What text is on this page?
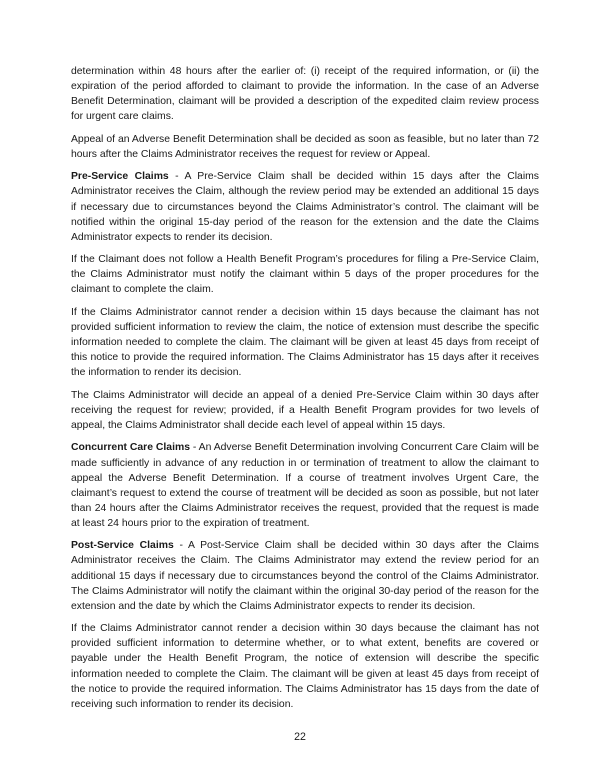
determination within 48 hours after the earlier of: (i) receipt of the required information, or (ii) the expiration of the period afforded to claimant to provide the information. In the case of an Adverse Benefit Determination, claimant will be provided a description of the expedited claim review process for urgent care claims.

Appeal of an Adverse Benefit Determination shall be decided as soon as feasible, but no later than 72 hours after the Claims Administrator receives the request for review or Appeal.

Pre-Service Claims - A Pre-Service Claim shall be decided within 15 days after the Claims Administrator receives the Claim, although the review period may be extended an additional 15 days if necessary due to circumstances beyond the Claims Administrator’s control. The claimant will be notified within the original 15-day period of the reason for the extension and the date the Claims Administrator expects to render its decision.

If the Claimant does not follow a Health Benefit Program’s procedures for filing a Pre-Service Claim, the Claims Administrator must notify the claimant within 5 days of the proper procedures for the claimant to complete the claim.

If the Claims Administrator cannot render a decision within 15 days because the claimant has not provided sufficient information to review the claim, the notice of extension must describe the specific information needed to complete the claim. The claimant will be given at least 45 days from receipt of this notice to provide the required information. The Claims Administrator has 15 days after it receives the information to render its decision.

The Claims Administrator will decide an appeal of a denied Pre-Service Claim within 30 days after receiving the request for review; provided, if a Health Benefit Program provides for two levels of appeal, the Claims Administrator shall decide each level of appeal within 15 days.

Concurrent Care Claims - An Adverse Benefit Determination involving Concurrent Care Claim will be made sufficiently in advance of any reduction in or termination of treatment to allow the claimant to appeal the Adverse Benefit Determination. If a course of treatment involves Urgent Care, the claimant’s request to extend the course of treatment will be decided as soon as possible, but not later than 24 hours after the Claims Administrator receives the request, provided that the request is made at least 24 hours prior to the expiration of treatment.

Post-Service Claims - A Post-Service Claim shall be decided within 30 days after the Claims Administrator receives the Claim. The Claims Administrator may extend the review period for an additional 15 days if necessary due to circumstances beyond the control of the Claims Administrator. The Claims Administrator will notify the claimant within the original 30-day period of the reason for the extension and the date by which the Claims Administrator expects to render its decision.

If the Claims Administrator cannot render a decision within 30 days because the claimant has not provided sufficient information to determine whether, or to what extent, benefits are covered or payable under the Health Benefit Program, the notice of extension will describe the specific information needed to complete the Claim. The claimant will be given at least 45 days from receipt of the notice to provide the required information. The Claims Administrator has 15 days from the date of receiving such information to render its decision.

22
